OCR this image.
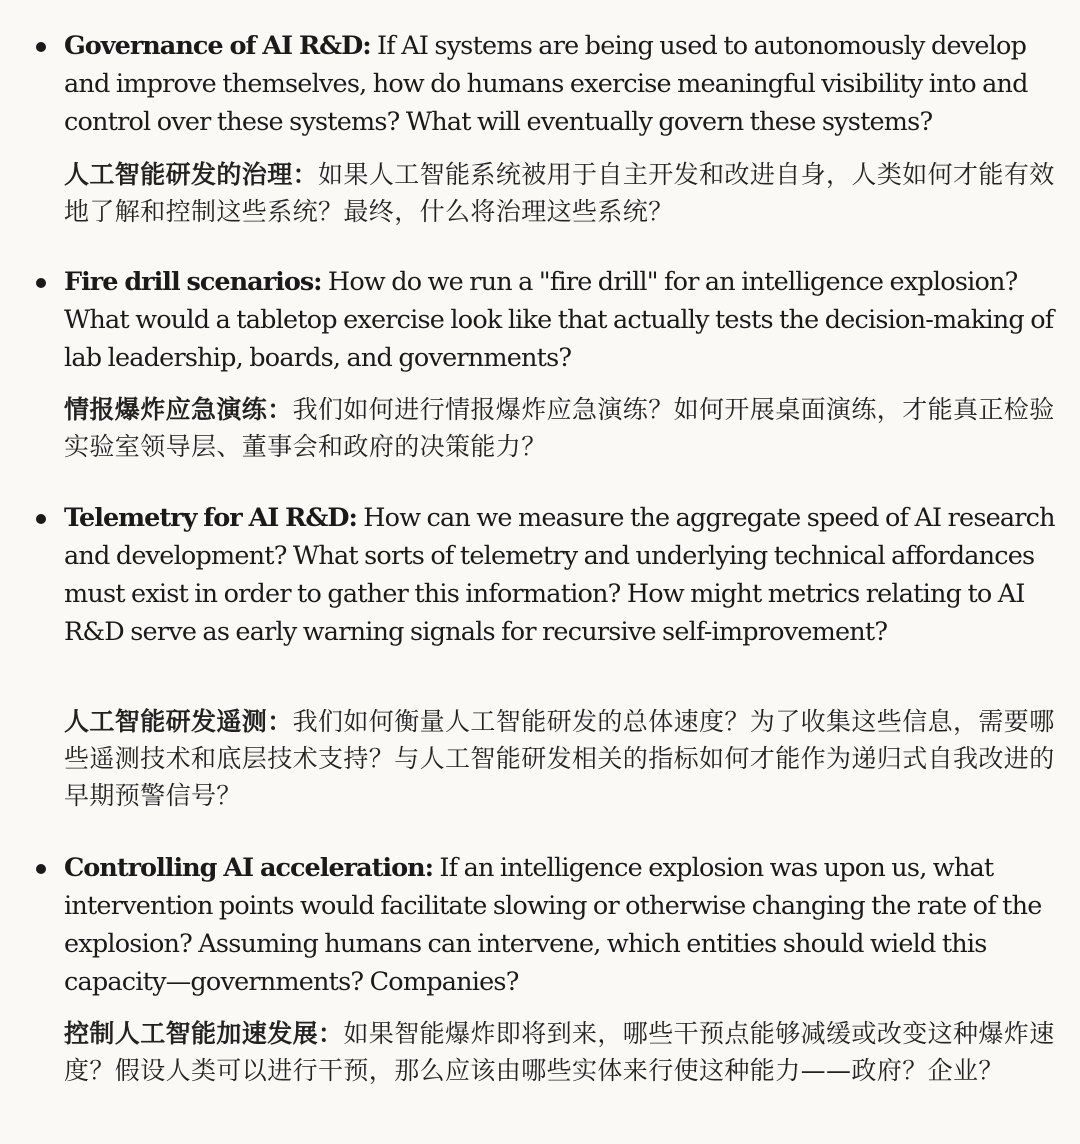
Governance of AI R&D: If AI systems are being used to autonomously develop and improve themselves, how do humans exercise meaningful visibility into and control over these systems? What will eventually govern these systems?

人工智能研发的治理：如果人工智能系统被用于自主开发和改进自身，人类如何才能有效地了解和控制这些系统？最终，什么将治理这些系统？

Fire drill scenarios: How do we run a "fire drill" for an intelligence explosion? What would a tabletop exercise look like that actually tests the decision-making of lab leadership, boards, and governments?

情报爆炸应急演练：我们如何进行情报爆炸应急演练？如何开展桌面演练，才能真正检验实验室领导层、董事会和政府的决策能力？

Telemetry for AI R&D: How can we measure the aggregate speed of AI research and development? What sorts of telemetry and underlying technical affordances must exist in order to gather this information? How might metrics relating to AI R&D serve as early warning signals for recursive self-improvement?

人工智能研发遥测：我们如何衡量人工智能研发的总体速度？为了收集这些信息，需要哪些遥测技术和底层技术支持？与人工智能研发相关的指标如何才能作为递归式自我改进的早期预警信号？

Controlling AI acceleration: If an intelligence explosion was upon us, what intervention points would facilitate slowing or otherwise changing the rate of the explosion? Assuming humans can intervene, which entities should wield this capacity—governments? Companies?

控制人工智能加速发展：如果智能爆炸即将到来，哪些干预点能够减缓或改变这种爆炸速度？假设人类可以进行干预，那么应该由哪些实体来行使这种能力——政府？企业？
